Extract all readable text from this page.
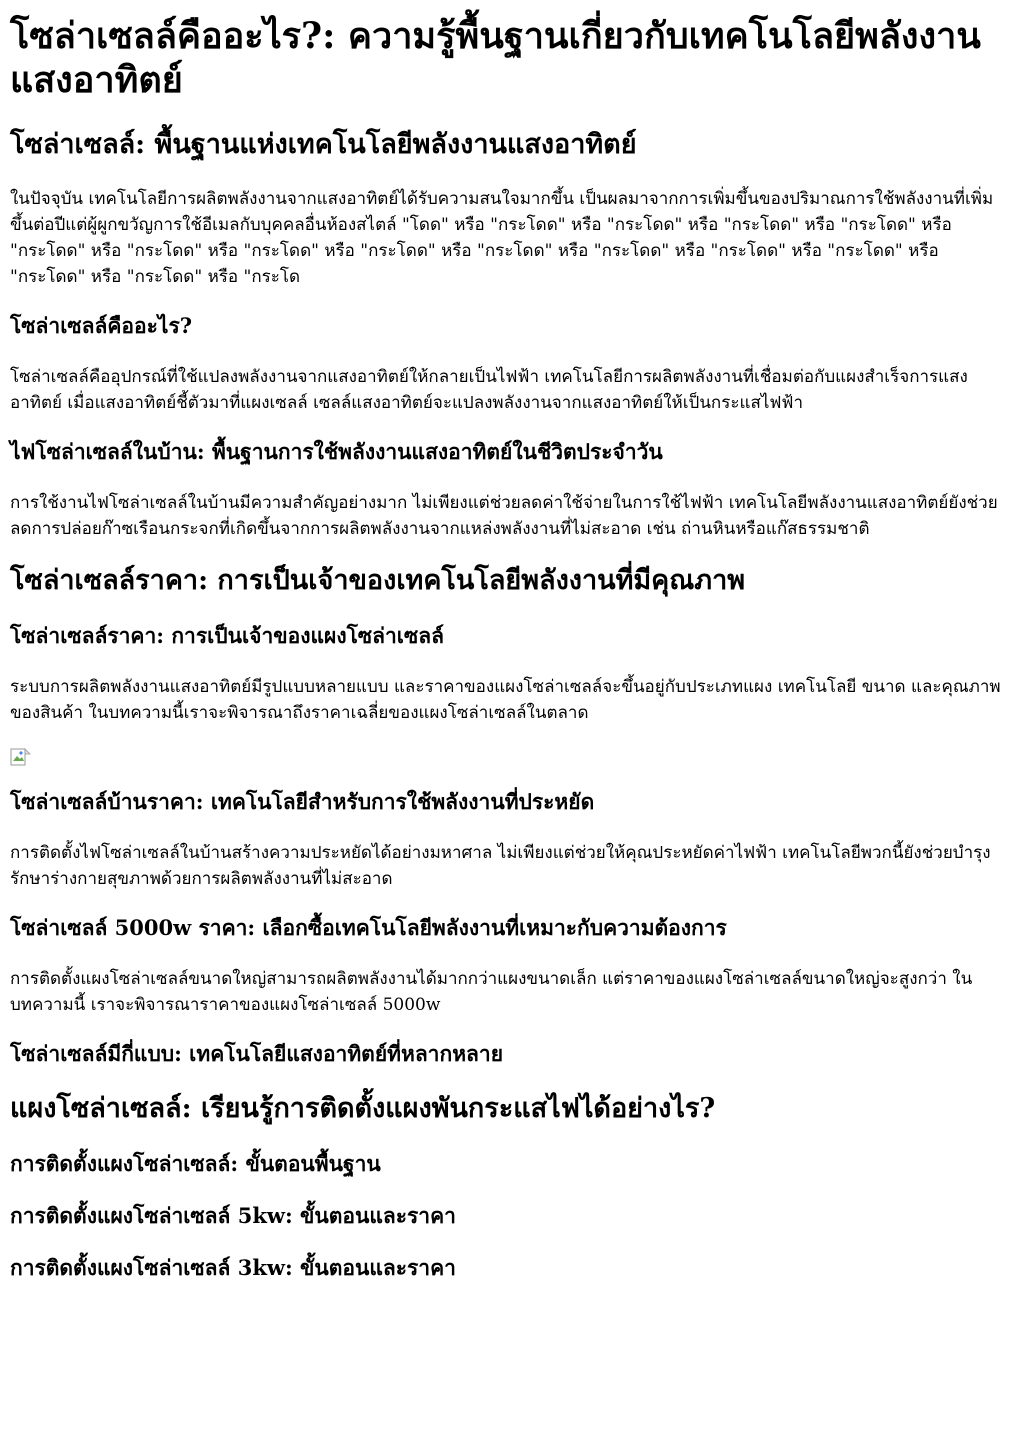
โซล่าเซลล์คืออะไร?: ความรู้พื้นฐานเกี่ยวกับเทคโนโลยีพลังงานแสงอาทิตย์
โซล่าเซลล์: พื้นฐานแห่งเทคโนโลยีพลังงานแสงอาทิตย์

ในปัจจุบัน เทคโนโลยีการผลิตพลังงานจากแสงอาทิตย์ได้รับความสนใจมากขึ้น เป็นผลมาจากการเพิ่มขึ้นของปริมาณการใช้พลังงานที่เพิ่มขึ้นต่อปีแต่ผู้ผูกขวัญการใช้อีเมลกับบุคคลอื่นห้องสไตล์ "โดด" หรือ "กระโดด" หรือ "กระโดด" หรือ "กระโดด" หรือ "กระโดด" หรือ "กระโดด" หรือ "กระโดด" หรือ "กระโดด" หรือ "กระโดด" หรือ "กระโดด" หรือ "กระโดด" หรือ "กระโดด" หรือ "กระโดด" หรือ "กระโดด" หรือ "กระโดด" หรือ "กระโด

โซล่าเซลล์คืออะไร?

โซล่าเซลล์คืออุปกรณ์ที่ใช้แปลงพลังงานจากแสงอาทิตย์ให้กลายเป็นไฟฟ้า เทคโนโลยีการผลิตพลังงานที่เชื่อมต่อกับแผงสำเร็จการแสงอาทิตย์ เมื่อแสงอาทิตย์ชี้ตัวมาที่แผงเซลล์ เซลล์แสงอาทิตย์จะแปลงพลังงานจากแสงอาทิตย์ให้เป็นกระแสไฟฟ้า

ไฟโซล่าเซลล์ในบ้าน: พื้นฐานการใช้พลังงานแสงอาทิตย์ในชีวิตประจำวัน

การใช้งานไฟโซล่าเซลล์ในบ้านมีความสำคัญอย่างมาก ไม่เพียงแต่ช่วยลดค่าใช้จ่ายในการใช้ไฟฟ้า เทคโนโลยีพลังงานแสงอาทิตย์ยังช่วยลดการปล่อยก๊าซเรือนกระจกที่เกิดขึ้นจากการผลิตพลังงานจากแหล่งพลังงานที่ไม่สะอาด เช่น ถ่านหินหรือแก๊สธรรมชาติ

โซล่าเซลล์ราคา: การเป็นเจ้าของเทคโนโลยีพลังงานที่มีคุณภาพ
โซล่าเซลล์ราคา: การเป็นเจ้าของแผงโซล่าเซลล์

ระบบการผลิตพลังงานแสงอาทิตย์มีรูปแบบหลายแบบ และราคาของแผงโซล่าเซลล์จะขึ้นอยู่กับประเภทแผง เทคโนโลยี ขนาด และคุณภาพของสินค้า ในบทความนี้เราจะพิจารณาถึงราคาเฉลี่ยของแผงโซล่าเซลล์ในตลาด

โซล่าเซลล์บ้านราคา: เทคโนโลยีสำหรับการใช้พลังงานที่ประหยัด

การติดตั้งไฟโซล่าเซลล์ในบ้านสร้างความประหยัดได้อย่างมหาศาล ไม่เพียงแต่ช่วยให้คุณประหยัดค่าไฟฟ้า เทคโนโลยีพวกนี้ยังช่วยบำรุงรักษาร่างกายสุขภาพด้วยการผลิตพลังงานที่ไม่สะอาด

โซล่าเซลล์ 5000w ราคา: เลือกซื้อเทคโนโลยีพลังงานที่เหมาะกับความต้องการ

การติดตั้งแผงโซล่าเซลล์ขนาดใหญ่สามารถผลิตพลังงานได้มากกว่าแผงขนาดเล็ก แต่ราคาของแผงโซล่าเซลล์ขนาดใหญ่จะสูงกว่า ในบทความนี้ เราจะพิจารณาราคาของแผงโซล่าเซลล์ 5000w

โซล่าเซลล์มีกี่แบบ: เทคโนโลยีแสงอาทิตย์ที่หลากหลาย
แผงโซล่าเซลล์: เรียนรู้การติดตั้งแผงพันกระแสไฟได้อย่างไร?
การติดตั้งแผงโซล่าเซลล์: ขั้นตอนพื้นฐาน
การติดตั้งแผงโซล่าเซลล์ 5kw: ขั้นตอนและราคา
การติดตั้งแผงโซล่าเซลล์ 3kw: ขั้นตอนและราคา
